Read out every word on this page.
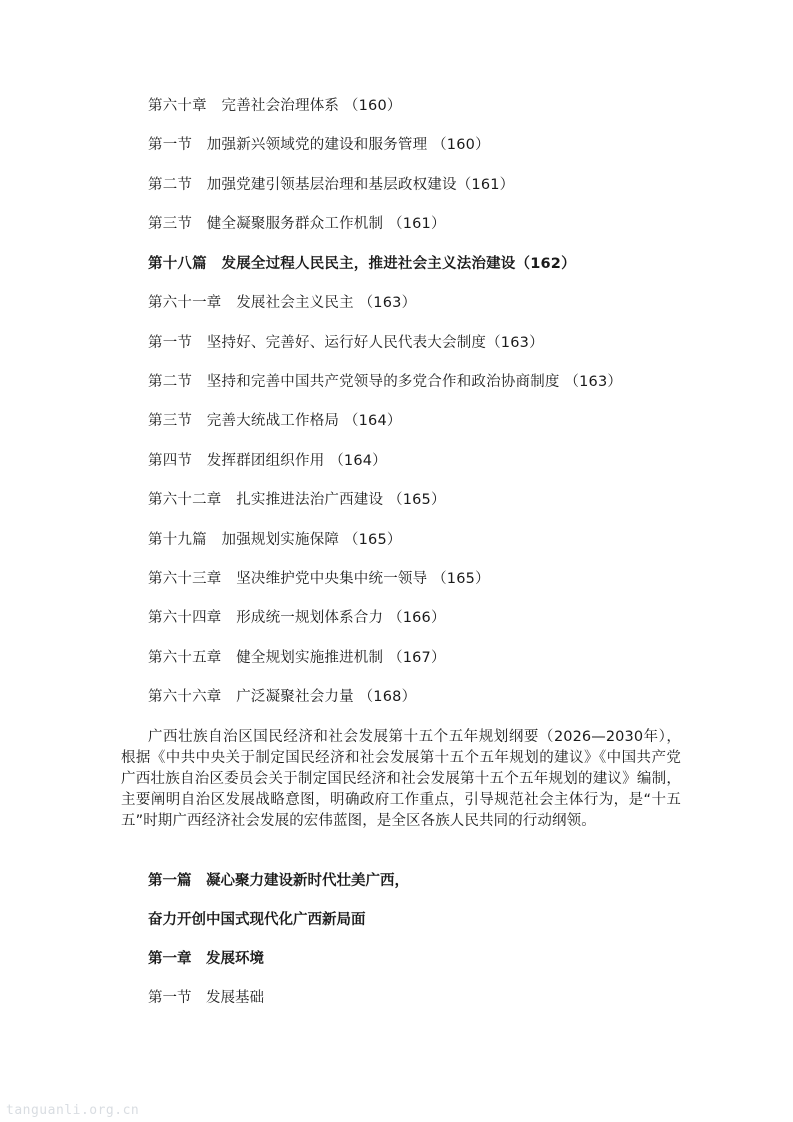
第六十章　完善社会治理体系 （160）
第一节　加强新兴领域党的建设和服务管理 （160）
第二节　加强党建引领基层治理和基层政权建设（161）
第三节　健全凝聚服务群众工作机制 （161）
第十八篇　发展全过程人民民主，推进社会主义法治建设（162）
第六十一章　发展社会主义民主 （163）
第一节　坚持好、完善好、运行好人民代表大会制度（163）
第二节　坚持和完善中国共产党领导的多党合作和政治协商制度 （163）
第三节　完善大统战工作格局 （164）
第四节　发挥群团组织作用 （164）
第六十二章　扎实推进法治广西建设 （165）
第十九篇　加强规划实施保障 （165）
第六十三章　坚决维护党中央集中统一领导 （165）
第六十四章　形成统一规划体系合力 （166）
第六十五章　健全规划实施推进机制 （167）
第六十六章　广泛凝聚社会力量 （168）

广西壮族自治区国民经济和社会发展第十五个五年规划纲要（2026—2030年），根据《中共中央关于制定国民经济和社会发展第十五个五年规划的建议》《中国共产党广西壮族自治区委员会关于制定国民经济和社会发展第十五个五年规划的建议》编制，主要阐明自治区发展战略意图，明确政府工作重点，引导规范社会主体行为，是“十五五”时期广西经济社会发展的宏伟蓝图，是全区各族人民共同的行动纲领。

第一篇　凝心聚力建设新时代壮美广西，
奋力开创中国式现代化广西新局面
第一章　发展环境
第一节　发展基础
tanguanli.org.cn
